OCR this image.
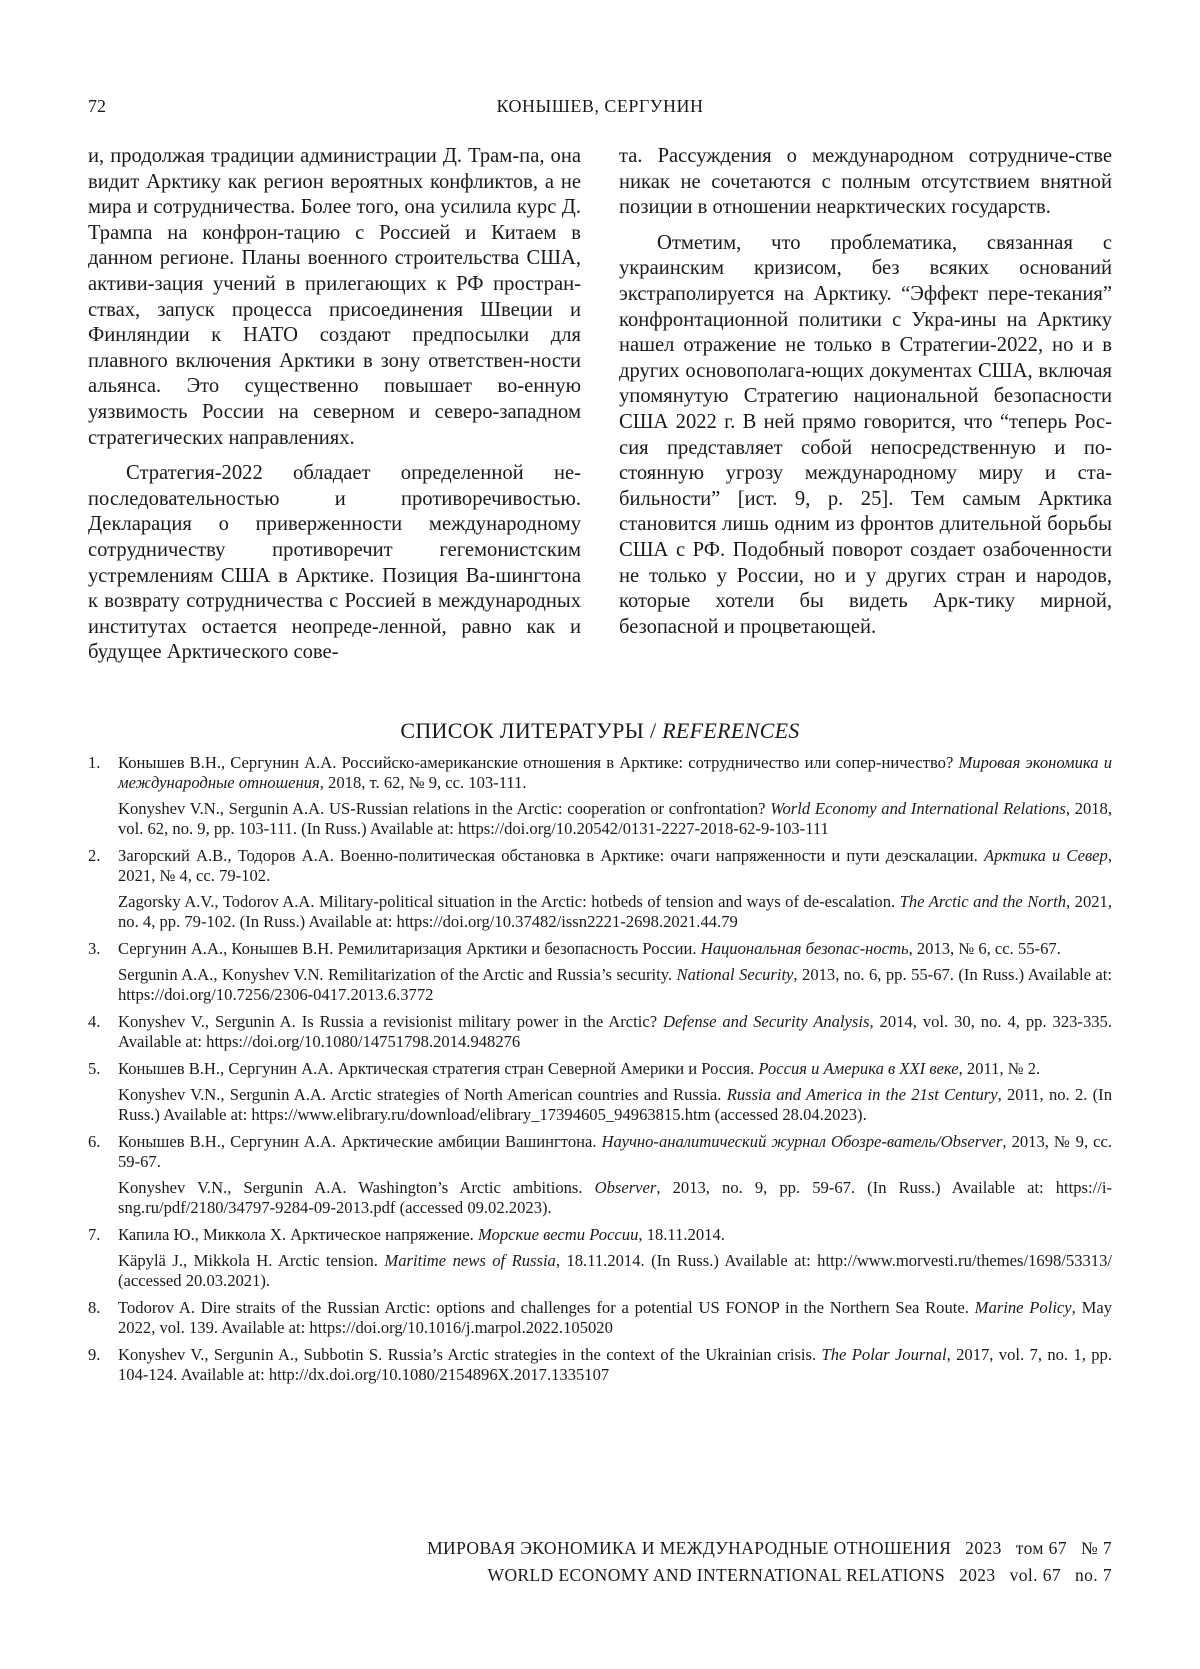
72	КОНЫШЕВ, СЕРГУНИН

и, продолжая традиции администрации Д. Трам-па, она видит Арктику как регион вероятных конфликтов, а не мира и сотрудничества. Более того, она усилила курс Д. Трампа на конфрон-тацию с Россией и Китаем в данном регионе. Планы военного строительства США, активи-зация учений в прилегающих к РФ простран-ствах, запуск процесса присоединения Швеции и Финляндии к НАТО создают предпосылки для плавного включения Арктики в зону ответствен-ности альянса. Это существенно повышает во-енную уязвимость России на северном и северо-западном стратегических направлениях.

Стратегия-2022 обладает определенной не-последовательностью и противоречивостью. Декларация о приверженности международному сотрудничеству противоречит гегемонистским устремлениям США в Арктике. Позиция Ва-шингтона к возврату сотрудничества с Россией в международных институтах остается неопреде-ленной, равно как и будущее Арктического сове-

та. Рассуждения о международном сотрудниче-стве никак не сочетаются с полным отсутствием внятной позиции в отношении неарктических государств.

Отметим, что проблематика, связанная с украинским кризисом, без всяких оснований экстраполируется на Арктику. “Эффект пере-текания” конфронтационной политики с Укра-ины на Арктику нашел отражение не только в Стратегии-2022, но и в других основополага-ющих документах США, включая упомянутую Стратегию национальной безопасности США 2022 г. В ней прямо говорится, что “теперь Рос-сия представляет собой непосредственную и по-стоянную угрозу международному миру и ста-бильности” [ист. 9, р. 25]. Тем самым Арктика становится лишь одним из фронтов длительной борьбы США с РФ. Подобный поворот создает озабоченности не только у России, но и у других стран и народов, которые хотели бы видеть Арк-тику мирной, безопасной и процветающей.

СПИСОК ЛИТЕРАТУРЫ / REFERENCES
1. Конышев В.Н., Сергунин А.А. Российско-американские отношения в Арктике: сотрудничество или сопер-ничество? Мировая экономика и международные отношения, 2018, т. 62, № 9, сс. 103-111.
Konyshev V.N., Sergunin A.A. US-Russian relations in the Arctic: cooperation or confrontation? World Economy and International Relations, 2018, vol. 62, no. 9, pp. 103-111. (In Russ.) Available at: https://doi.org/10.20542/0131-2227-2018-62-9-103-111
2. Загорский А.В., Тодоров А.А. Военно-политическая обстановка в Арктике: очаги напряженности и пути деэскалации. Арктика и Север, 2021, № 4, сс. 79-102.
Zagorsky A.V., Todorov A.A. Military-political situation in the Arctic: hotbeds of tension and ways of de-escalation. The Arctic and the North, 2021, no. 4, pp. 79-102. (In Russ.) Available at: https://doi.org/10.37482/issn2221-2698.2021.44.79
3. Сергунин А.А., Конышев В.Н. Ремилитаризация Арктики и безопасность России. Национальная безопас-ность, 2013, № 6, сс. 55-67.
Sergunin A.A., Konyshev V.N. Remilitarization of the Arctic and Russia’s security. National Security, 2013, no. 6, pp. 55-67. (In Russ.) Available at: https://doi.org/10.7256/2306-0417.2013.6.3772
4. Konyshev V., Sergunin A. Is Russia a revisionist military power in the Arctic? Defense and Security Analysis, 2014, vol. 30, no. 4, pp. 323-335. Available at: https://doi.org/10.1080/14751798.2014.948276
5. Конышев В.Н., Сергунин А.А. Арктическая стратегия стран Северной Америки и Россия. Россия и Америка в XXI веке, 2011, № 2.
Konyshev V.N., Sergunin A.A. Arctic strategies of North American countries and Russia. Russia and America in the 21st Century, 2011, no. 2. (In Russ.) Available at: https://www.elibrary.ru/download/elibrary_17394605_94963815.htm (accessed 28.04.2023).
6. Конышев В.Н., Сергунин А.А. Арктические амбиции Вашингтона. Научно-аналитический журнал Обозре-ватель/Observer, 2013, № 9, сс. 59-67.
Konyshev V.N., Sergunin A.A. Washington’s Arctic ambitions. Observer, 2013, no. 9, pp. 59-67. (In Russ.) Available at: https://i-sng.ru/pdf/2180/34797-9284-09-2013.pdf (accessed 09.02.2023).
7. Капила Ю., Миккола Х. Арктическое напряжение. Морские вести России, 18.11.2014.
Käpylä J., Mikkola H. Arctic tension. Maritime news of Russia, 18.11.2014. (In Russ.) Available at: http://www.morvesti.ru/themes/1698/53313/ (accessed 20.03.2021).
8. Todorov A. Dire straits of the Russian Arctic: options and challenges for a potential US FONOP in the Northern Sea Route. Marine Policy, May 2022, vol. 139. Available at: https://doi.org/10.1016/j.marpol.2022.105020
9. Konyshev V., Sergunin A., Subbotin S. Russia’s Arctic strategies in the context of the Ukrainian crisis. The Polar Journal, 2017, vol. 7, no. 1, pp. 104-124. Available at: http://dx.doi.org/10.1080/2154896X.2017.1335107
МИРОВАЯ ЭКОНОМИКА И МЕЖДУНАРОДНЫЕ ОТНОШЕНИЯ 2023 том 67 № 7
WORLD ECONOMY AND INTERNATIONAL RELATIONS 2023 vol. 67 no. 7
